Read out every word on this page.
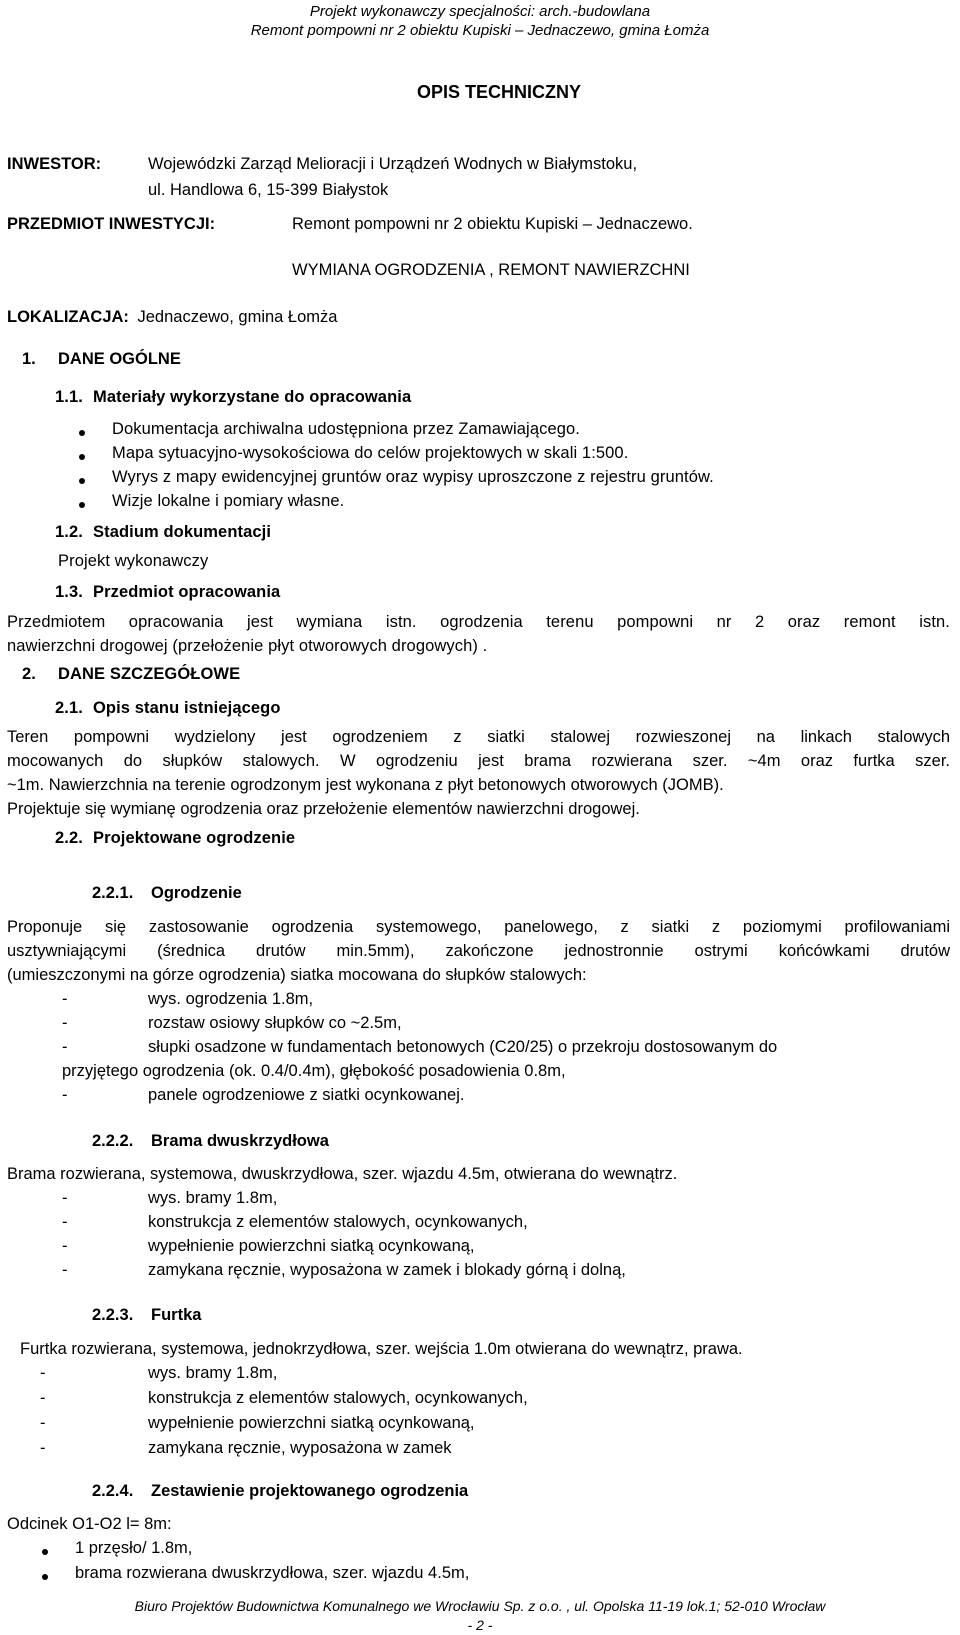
Projekt wykonawczy specjalności: arch.-budowlana
Remont pompowni nr 2 obiektu Kupiski – Jednaczewo, gmina Łomża
OPIS TECHNICZNY
INWESTOR:	Wojewódzki Zarząd Melioracji i Urządzeń Wodnych w Białymstoku,
ul. Handlowa 6, 15-399 Białystok
PRZEDMIOT INWESTYCJI:	Remont pompowni nr 2 obiektu Kupiski – Jednaczewo.
WYMIANA OGRODZENIA , REMONT NAWIERZCHNI
LOKALIZACJA: Jednaczewo, gmina Łomża
1. DANE OGÓLNE
1.1. Materiały wykorzystane do opracowania
Dokumentacja archiwalna udostępniona przez Zamawiającego.
Mapa sytuacyjno-wysokościowa do celów projektowych w skali 1:500.
Wyrys z mapy ewidencyjnej gruntów oraz wypisy uproszczone z rejestru gruntów.
Wizje lokalne i pomiary własne.
1.2. Stadium dokumentacji
Projekt wykonawczy
1.3. Przedmiot opracowania
Przedmiotem opracowania jest wymiana istn. ogrodzenia terenu pompowni nr 2 oraz remont istn.
nawierzchni drogowej (przełożenie płyt otworowych drogowych) .
2. DANE SZCZEGÓŁOWE
2.1. Opis stanu istniejącego
Teren pompowni wydzielony jest ogrodzeniem z siatki stalowej rozwieszonej na linkach stalowych
mocowanych do słupków stalowych. W ogrodzeniu jest brama rozwierana szer. ~4m oraz furtka szer.
~1m. Nawierzchnia na terenie ogrodzonym jest wykonana z płyt betonowych otworowych (JOMB).
Projektuje się wymianę ogrodzenia oraz przełożenie elementów nawierzchni drogowej.
2.2. Projektowane ogrodzenie
2.2.1. Ogrodzenie
Proponuje się zastosowanie ogrodzenia systemowego, panelowego, z siatki z poziomymi profilowaniami
usztywniającymi (średnica drutów min.5mm), zakończone jednostronnie ostrymi końcówkami drutów
(umieszczonymi na górze ogrodzenia) siatka mocowana do słupków stalowych:
-	wys. ogrodzenia 1.8m,
-	rozstaw osiowy słupków co ~2.5m,
-	słupki osadzone w fundamentach betonowych (C20/25) o przekroju dostosowanym do
przyjętego ogrodzenia (ok. 0.4/0.4m), głębokość posadowienia 0.8m,
-	panele ogrodzeniowe z siatki ocynkowanej.
2.2.2. Brama dwuskrzydłowa
Brama rozwierana, systemowa, dwuskrzydłowa, szer. wjazdu 4.5m, otwierana do wewnątrz.
-	wys. bramy 1.8m,
-	konstrukcja z elementów stalowych, ocynkowanych,
-	wypełnienie powierzchni siatką ocynkowaną,
-	zamykana ręcznie, wyposażona w zamek i blokady górną i dolną,
2.2.3. Furtka
Furtka rozwierana, systemowa, jednokrzydłowa, szer. wejścia 1.0m otwierana do wewnątrz, prawa.
-	wys. bramy 1.8m,
-	konstrukcja z elementów stalowych, ocynkowanych,
-	wypełnienie powierzchni siatką ocynkowaną,
-	zamykana ręcznie, wyposażona w zamek
2.2.4. Zestawienie projektowanego ogrodzenia
Odcinek O1-O2 l= 8m:
1 przęsło/ 1.8m,
brama rozwierana dwuskrzydłowa, szer. wjazdu 4.5m,
Biuro Projektów Budownictwa Komunalnego we Wrocławiu Sp. z o.o. , ul. Opolska 11-19 lok.1; 52-010 Wrocław
- 2 -
